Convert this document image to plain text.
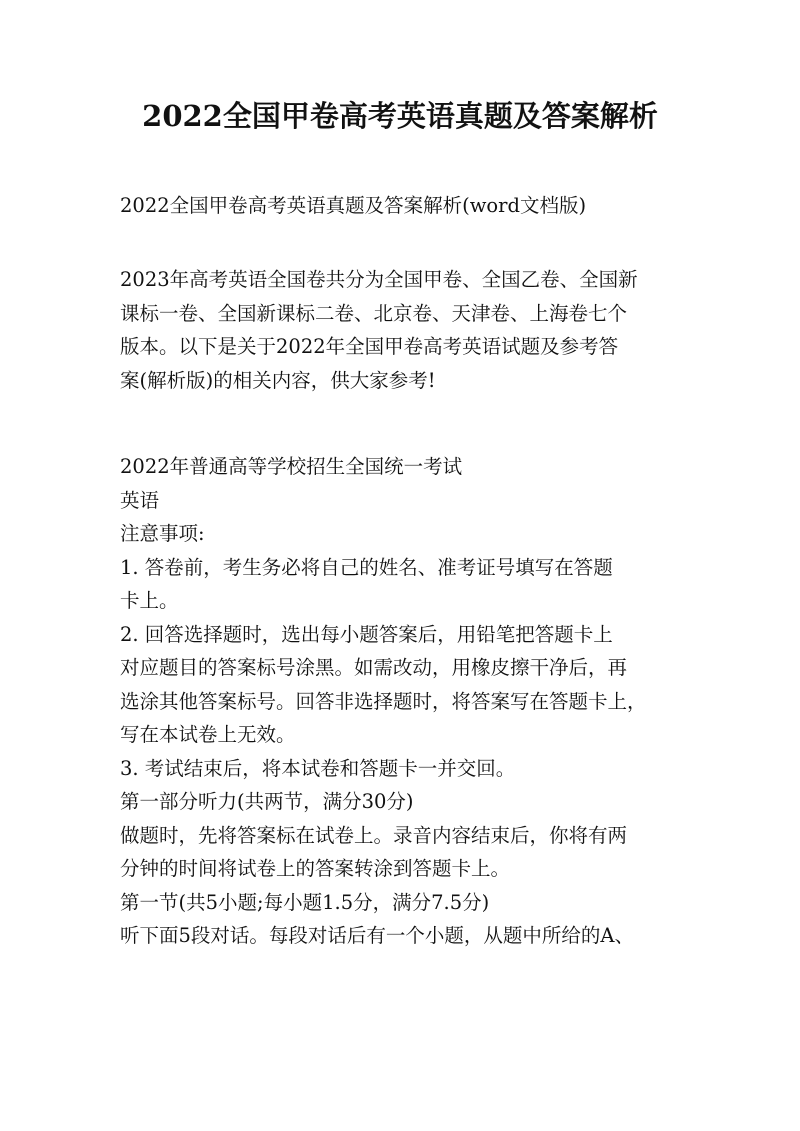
2022全国甲卷高考英语真题及答案解析

2022全国甲卷高考英语真题及答案解析(word文档版)

2023年高考英语全国卷共分为全国甲卷、全国乙卷、全国新
课标一卷、全国新课标二卷、北京卷、天津卷、上海卷七个
版本。以下是关于2022年全国甲卷高考英语试题及参考答
案(解析版)的相关内容，供大家参考!
2022年普通高等学校招生全国统一考试
英语
注意事项:
1. 答卷前，考生务必将自己的姓名、准考证号填写在答题
卡上。
2. 回答选择题时，选出每小题答案后，用铅笔把答题卡上
对应题目的答案标号涂黑。如需改动，用橡皮擦干净后，再
选涂其他答案标号。回答非选择题时，将答案写在答题卡上，
写在本试卷上无效。
3. 考试结束后，将本试卷和答题卡一并交回。
第一部分听力(共两节，满分30分)
做题时，先将答案标在试卷上。录音内容结束后，你将有两
分钟的时间将试卷上的答案转涂到答题卡上。
第一节(共5小题;每小题1.5分，满分7.5分)
听下面5段对话。每段对话后有一个小题，从题中所给的A、
